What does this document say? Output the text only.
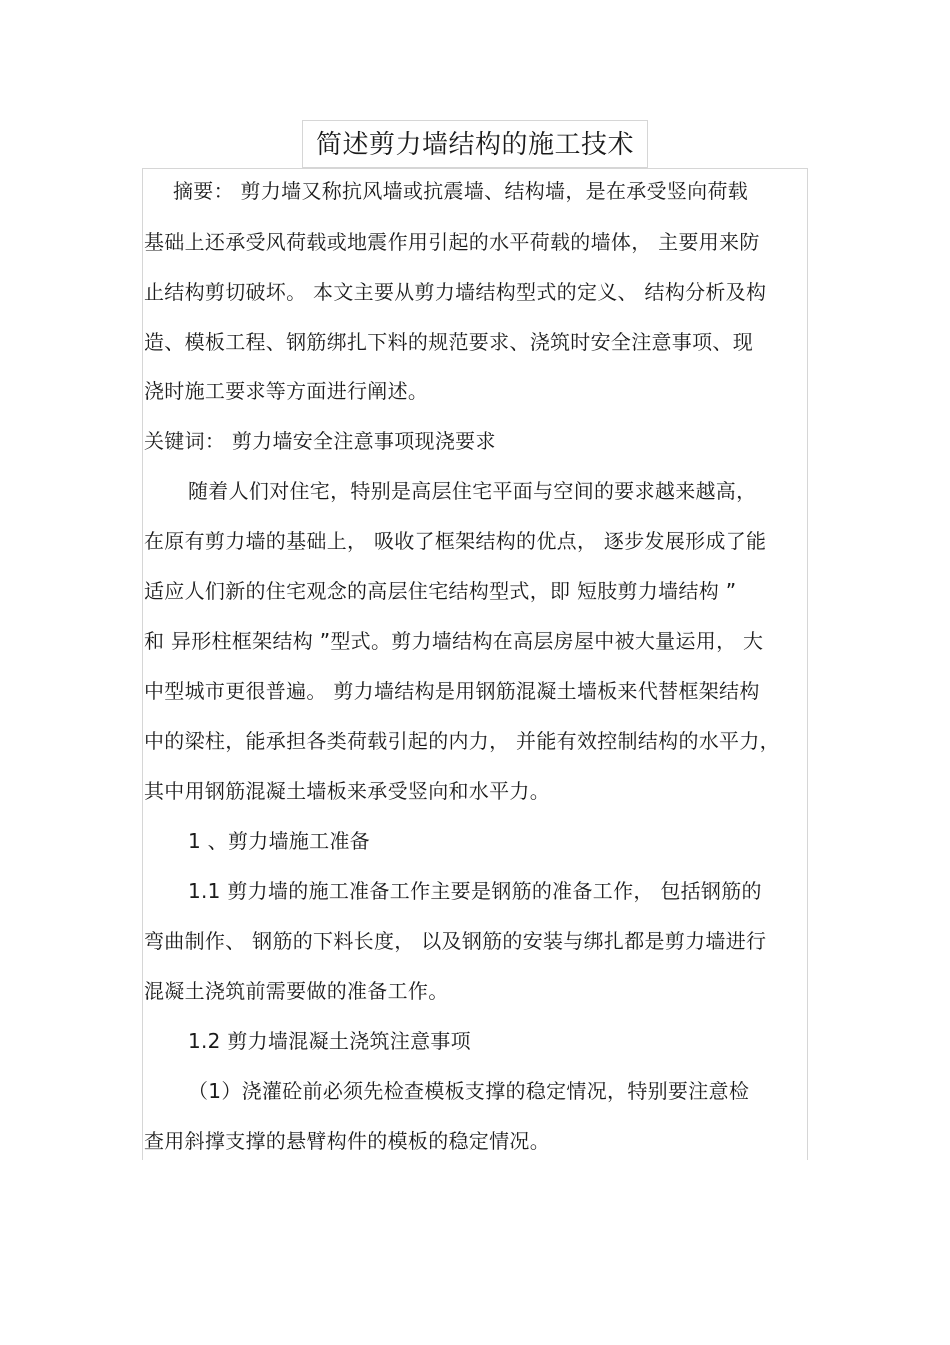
简述剪力墙结构的施工技术
摘要： 剪力墙又称抗风墙或抗震墙、结构墙，是在承受竖向荷载
基础上还承受风荷载或地震作用引起的水平荷载的墙体， 主要用来防
止结构剪切破坏。 本文主要从剪力墙结构型式的定义、 结构分析及构
造、模板工程、钢筋绑扎下料的规范要求、浇筑时安全注意事项、现
浇时施工要求等方面进行阐述。
关键词： 剪力墙安全注意事项现浇要求
随着人们对住宅，特别是高层住宅平面与空间的要求越来越高，
在原有剪力墙的基础上， 吸收了框架结构的优点， 逐步发展形成了能
适应人们新的住宅观念的高层住宅结构型式，即 短肢剪力墙结构 ”
和 异形柱框架结构 ”型式。剪力墙结构在高层房屋中被大量运用， 大
中型城市更很普遍。 剪力墙结构是用钢筋混凝土墙板来代替框架结构
中的梁柱，能承担各类荷载引起的内力， 并能有效控制结构的水平力，
其中用钢筋混凝土墙板来承受竖向和水平力。
1 、剪力墙施工准备
1.1 剪力墙的施工准备工作主要是钢筋的准备工作， 包括钢筋的
弯曲制作、 钢筋的下料长度， 以及钢筋的安装与绑扎都是剪力墙进行
混凝土浇筑前需要做的准备工作。
1.2 剪力墙混凝土浇筑注意事项
（1）浇灌砼前必须先检查模板支撑的稳定情况，特别要注意检
查用斜撑支撑的悬臂构件的模板的稳定情况。
